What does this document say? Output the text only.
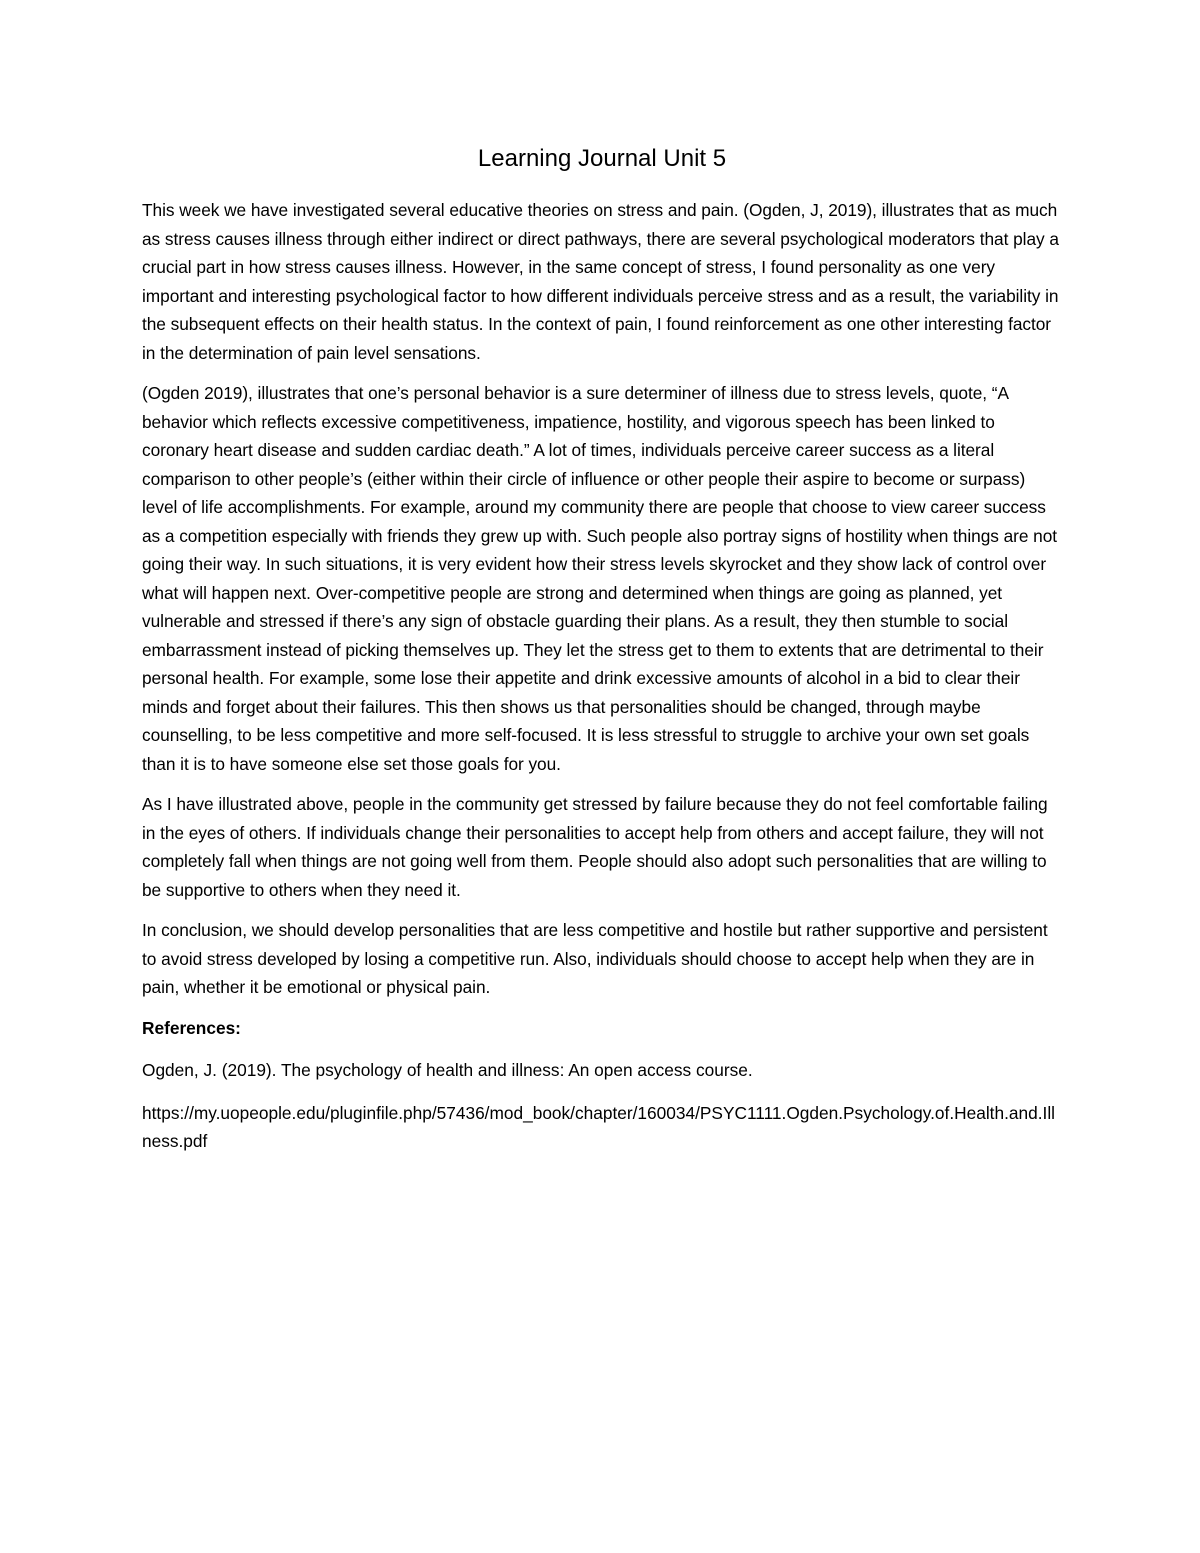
Learning Journal Unit 5

This week we have investigated several educative theories on stress and pain. (Ogden, J, 2019), illustrates that as much as stress causes illness through either indirect or direct pathways, there are several psychological moderators that play a crucial part in how stress causes illness. However, in the same concept of stress, I found personality as one very important and interesting psychological factor to how different individuals perceive stress and as a result, the variability in the subsequent effects on their health status. In the context of pain, I found reinforcement as one other interesting factor in the determination of pain level sensations.

(Ogden 2019), illustrates that one’s personal behavior is a sure determiner of illness due to stress levels, quote, “A behavior which reflects excessive competitiveness, impatience, hostility, and vigorous speech has been linked to coronary heart disease and sudden cardiac death.” A lot of times, individuals perceive career success as a literal comparison to other people’s (either within their circle of influence or other people their aspire to become or surpass) level of life accomplishments. For example, around my community there are people that choose to view career success as a competition especially with friends they grew up with. Such people also portray signs of hostility when things are not going their way. In such situations, it is very evident how their stress levels skyrocket and they show lack of control over what will happen next. Over-competitive people are strong and determined when things are going as planned, yet vulnerable and stressed if there’s any sign of obstacle guarding their plans. As a result, they then stumble to social embarrassment instead of picking themselves up. They let the stress get to them to extents that are detrimental to their personal health. For example, some lose their appetite and drink excessive amounts of alcohol in a bid to clear their minds and forget about their failures. This then shows us that personalities should be changed, through maybe counselling, to be less competitive and more self-focused. It is less stressful to struggle to archive your own set goals than it is to have someone else set those goals for you.

As I have illustrated above, people in the community get stressed by failure because they do not feel comfortable failing in the eyes of others. If individuals change their personalities to accept help from others and accept failure, they will not completely fall when things are not going well from them. People should also adopt such personalities that are willing to be supportive to others when they need it.

In conclusion, we should develop personalities that are less competitive and hostile but rather supportive and persistent to avoid stress developed by losing a competitive run. Also, individuals should choose to accept help when they are in pain, whether it be emotional or physical pain.

References:

Ogden, J. (2019). The psychology of health and illness: An open access course.

https://my.uopeople.edu/pluginfile.php/57436/mod_book/chapter/160034/PSYC1111.Ogden.Psychology.of.Health.and.Illness.pdf
